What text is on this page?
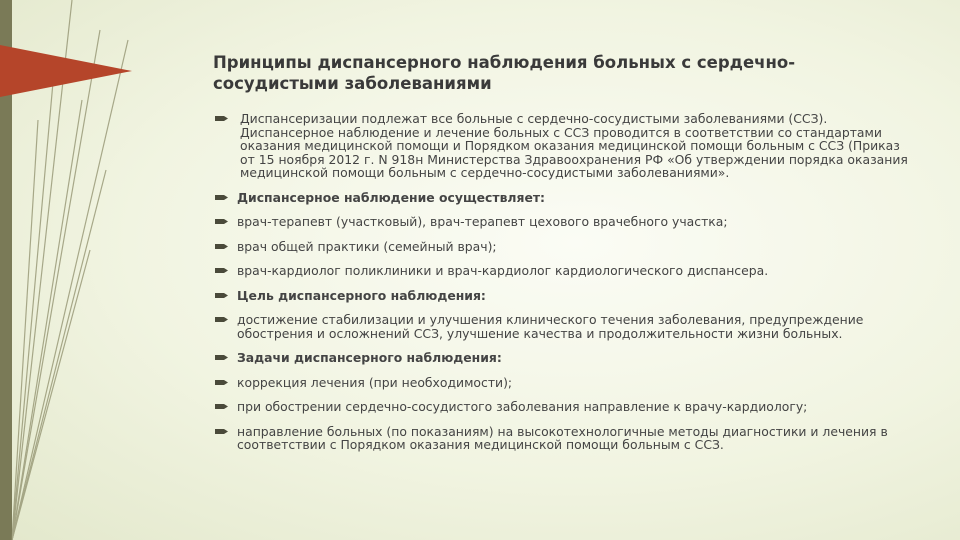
Принципы диспансерного наблюдения больных с сердечно-сосудистыми заболеваниями
Диспансеризации подлежат все больные с сердечно-сосудистыми заболеваниями (ССЗ). Диспансерное наблюдение и лечение больных с ССЗ проводится в соответствии со стандартами оказания медицинской помощи и Порядком оказания медицинской помощи больным с ССЗ (Приказ от 15 ноября 2012 г. N 918н Министерства Здравоохранения РФ «Об утверждении порядка оказания медицинской помощи больным с сердечно-сосудистыми заболеваниями».
Диспансерное наблюдение осуществляет:
врач-терапевт (участковый), врач-терапевт цехового врачебного участка;
врач общей практики (семейный врач);
врач-кардиолог поликлиники и врач-кардиолог кардиологического диспансера.
Цель диспансерного наблюдения:
достижение стабилизации и улучшения клинического течения заболевания, предупреждение обострения и осложнений ССЗ, улучшение качества и продолжительности жизни больных.
Задачи диспансерного наблюдения:
коррекция лечения (при необходимости);
при обострении сердечно-сосудистого заболевания направление к врачу-кардиологу;
направление больных (по показаниям) на высокотехнологичные методы диагностики и лечения в соответствии с Порядком оказания медицинской помощи больным с ССЗ.
